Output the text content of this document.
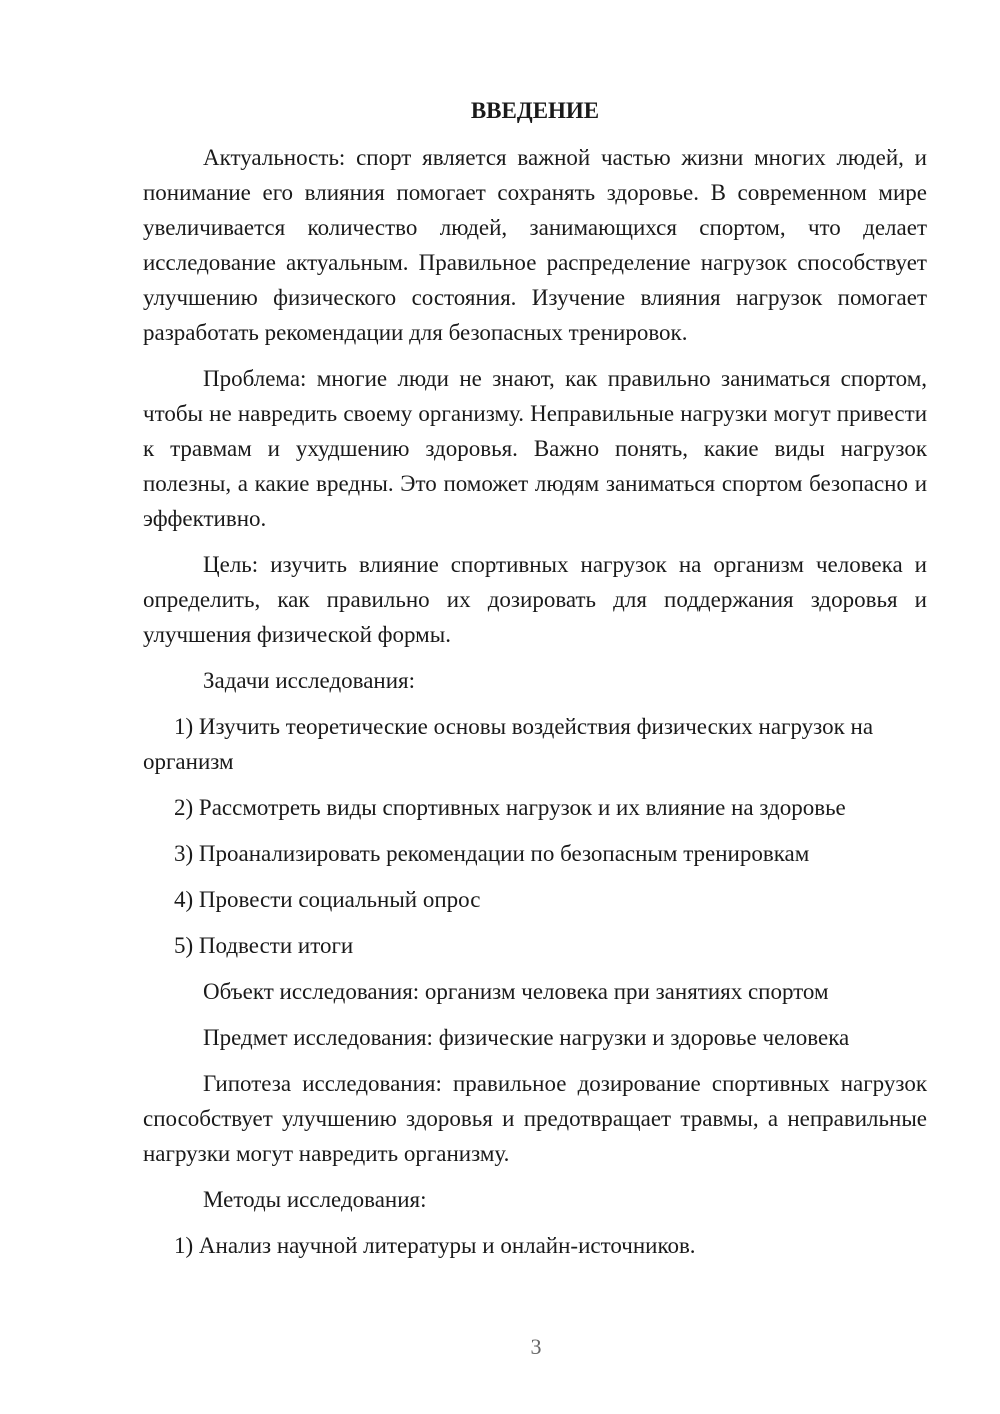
ВВЕДЕНИЕ
Актуальность: спорт является важной частью жизни многих людей, и понимание его влияния помогает сохранять здоровье. В современном мире увеличивается количество людей, занимающихся спортом, что делает исследование актуальным. Правильное распределение нагрузок способствует улучшению физического состояния. Изучение влияния нагрузок помогает разработать рекомендации для безопасных тренировок.
Проблема: многие люди не знают, как правильно заниматься спортом, чтобы не навредить своему организму. Неправильные нагрузки могут привести к травмам и ухудшению здоровья. Важно понять, какие виды нагрузок полезны, а какие вредны. Это поможет людям заниматься спортом безопасно и эффективно.
Цель: изучить влияние спортивных нагрузок на организм человека и определить, как правильно их дозировать для поддержания здоровья и улучшения физической формы.
Задачи исследования:
1) Изучить теоретические основы воздействия физических нагрузок на организм
2) Рассмотреть виды спортивных нагрузок и их влияние на здоровье
3) Проанализировать рекомендации по безопасным тренировкам
4) Провести социальный опрос
5) Подвести итоги
Объект исследования: организм человека при занятиях спортом
Предмет исследования: физические нагрузки и здоровье человека
Гипотеза исследования: правильное дозирование спортивных нагрузок способствует улучшению здоровья и предотвращает травмы, а неправильные нагрузки могут навредить организму.
Методы исследования:
1) Анализ научной литературы и онлайн-источников.
3
